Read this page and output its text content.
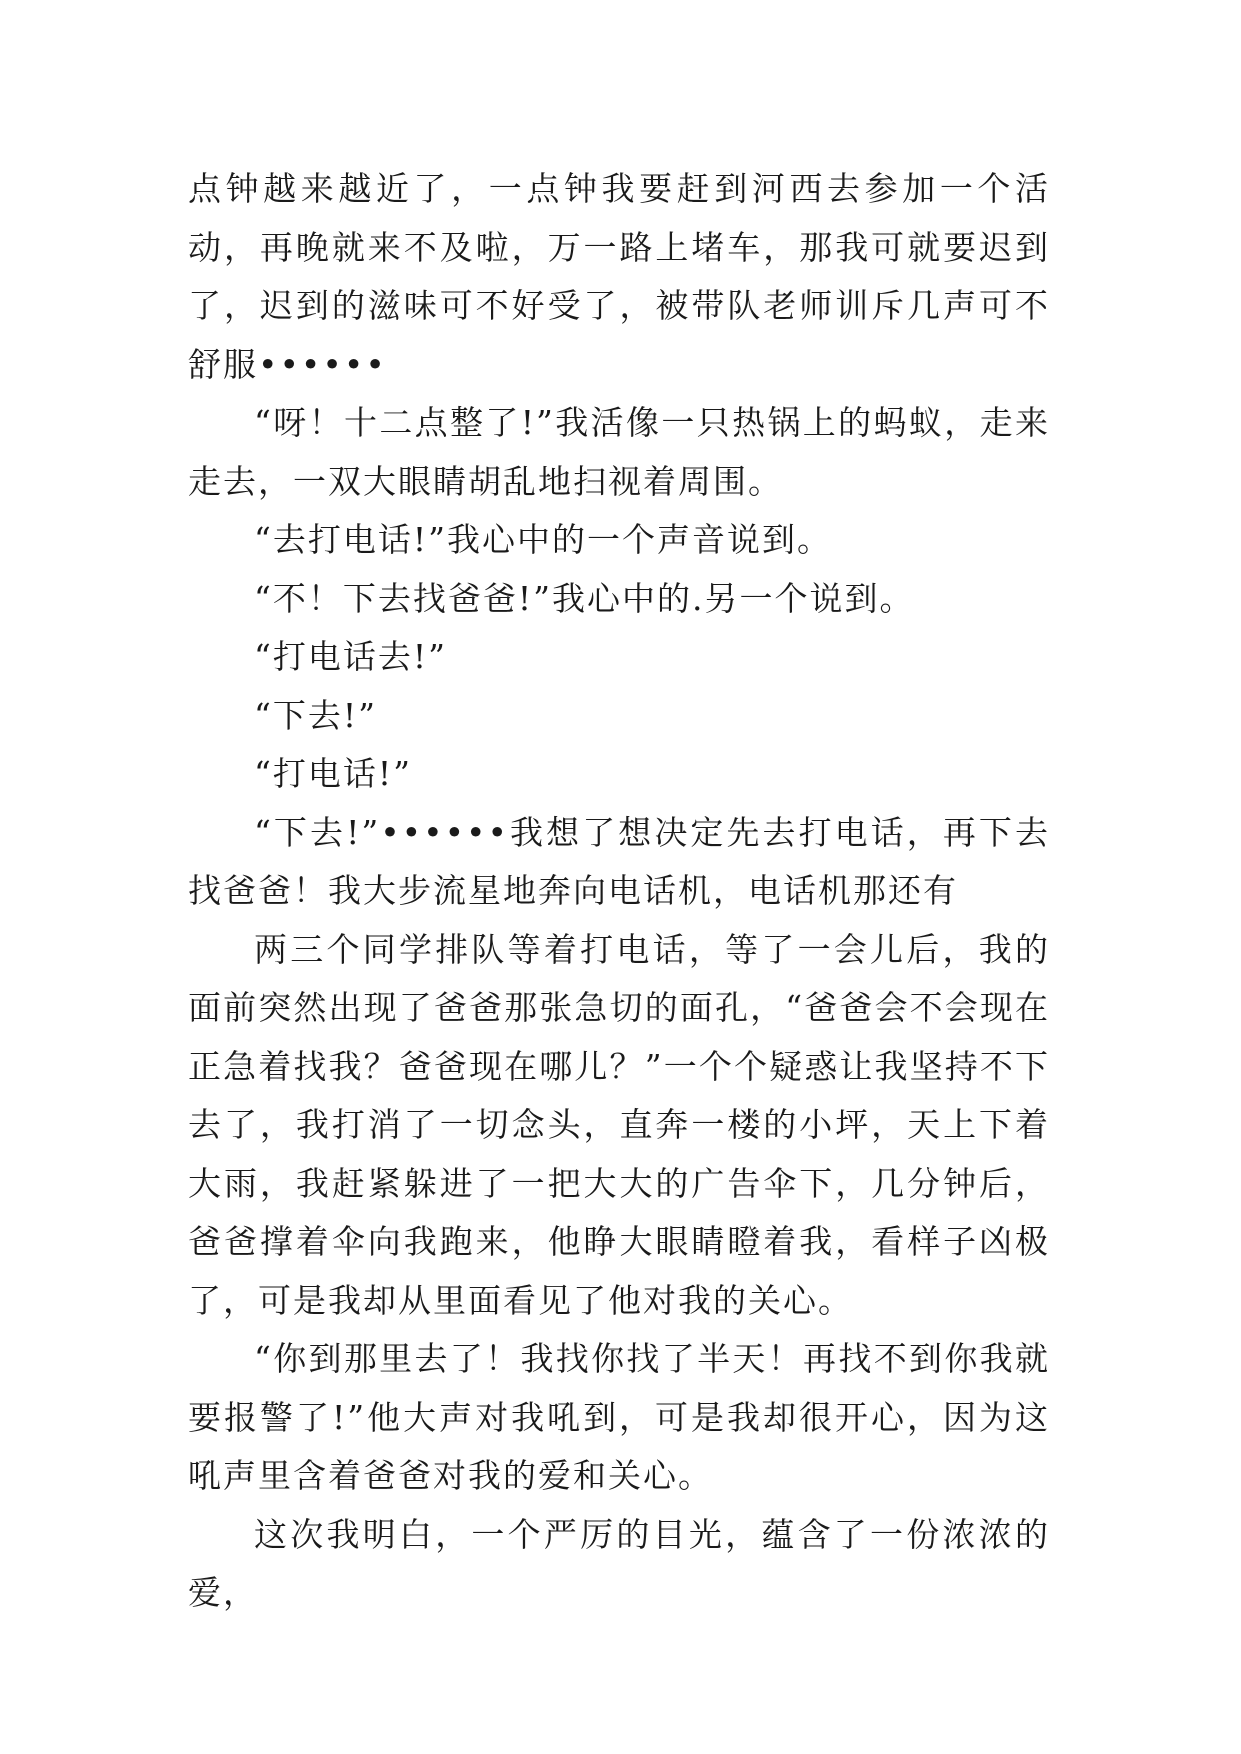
点钟越来越近了，一点钟我要赶到河西去参加一个活动，再晚就来不及啦，万一路上堵车，那我可就要迟到了，迟到的滋味可不好受了，被带队老师训斥几声可不舒服••••••

“呀！十二点整了!”我活像一只热锅上的蚂蚁，走来走去，一双大眼睛胡乱地扫视着周围。

“去打电话!”我心中的一个声音说到。

“不！下去找爸爸!”我心中的.另一个说到。

“打电话去!”

“下去!”

“打电话!”

“下去!”••••••我想了想决定先去打电话，再下去找爸爸！我大步流星地奔向电话机，电话机那还有

两三个同学排队等着打电话，等了一会儿后，我的面前突然出现了爸爸那张急切的面孔，“爸爸会不会现在正急着找我？爸爸现在哪儿？”一个个疑惑让我坚持不下去了，我打消了一切念头，直奔一楼的小坪，天上下着大雨，我赶紧躲进了一把大大的广告伞下，几分钟后，爸爸撑着伞向我跑来，他睁大眼睛瞪着我，看样子凶极了，可是我却从里面看见了他对我的关心。

“你到那里去了！我找你找了半天！再找不到你我就要报警了!”他大声对我吼到，可是我却很开心，因为这吼声里含着爸爸对我的爱和关心。

这次我明白，一个严厉的目光，蕴含了一份浓浓的爱，
